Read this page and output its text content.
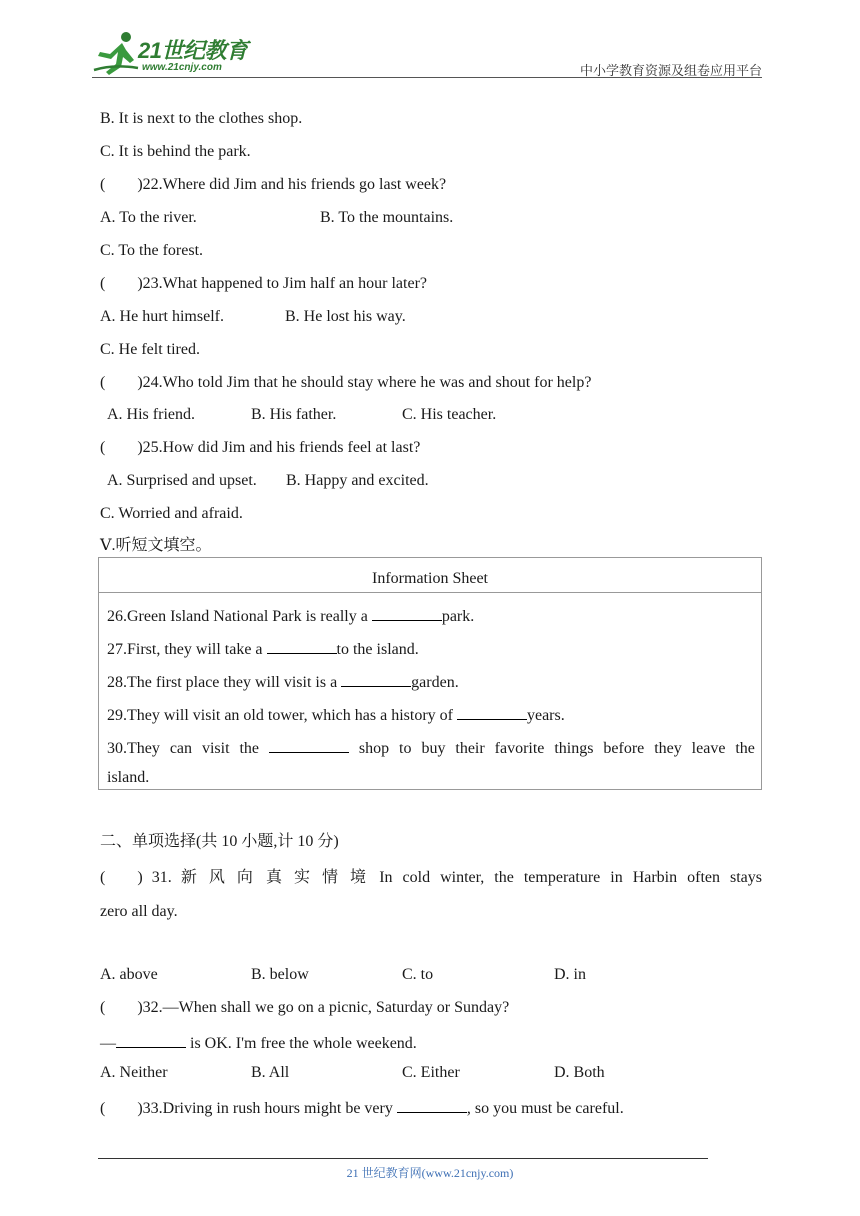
21世纪教育
www.21cnjy.com	中小学教育资源及组卷应用平台
B. It is next to the clothes shop.
C. It is behind the park.
(        )22.Where did Jim and his friends go last week?
A. To the river.	B. To the mountains.
C. To the forest.
(        )23.What happened to Jim half an hour later?
A. He hurt himself.	B. He lost his way.
C. He felt tired.
(        )24.Who told Jim that he should stay where he was and shout for help?
A. His friend.	B. His father.	C. His teacher.
(        )25.How did Jim and his friends feel at last?
A. Surprised and upset. B. Happy and excited.
C. Worried and afraid.
Ⅴ.听短文填空。
Information Sheet
26.Green Island National Park is really a	park.
27.First, they will take a	to the island.
28.The first place they will visit is a	garden.
29.They will visit an old tower, which has a history of	years.
30.They can visit the	shop to buy their favorite things before they leave the
island.
二、单项选择(共 10 小题,计 10 分)
(        ) 31. 新 风 向 真 实 情 境 In cold winter, the temperature in Harbin often stays
zero all day.
A. above	B. below	C. to	D. in
(        )32.—When shall we go on a picnic, Saturday or Sunday?
—	is OK. I'm free the whole weekend.
A. Neither	B. All	C. Either	D. Both
(        )33.Driving in rush hours might be very	, so you must be careful.
21 世纪教育网(www.21cnjy.com)
